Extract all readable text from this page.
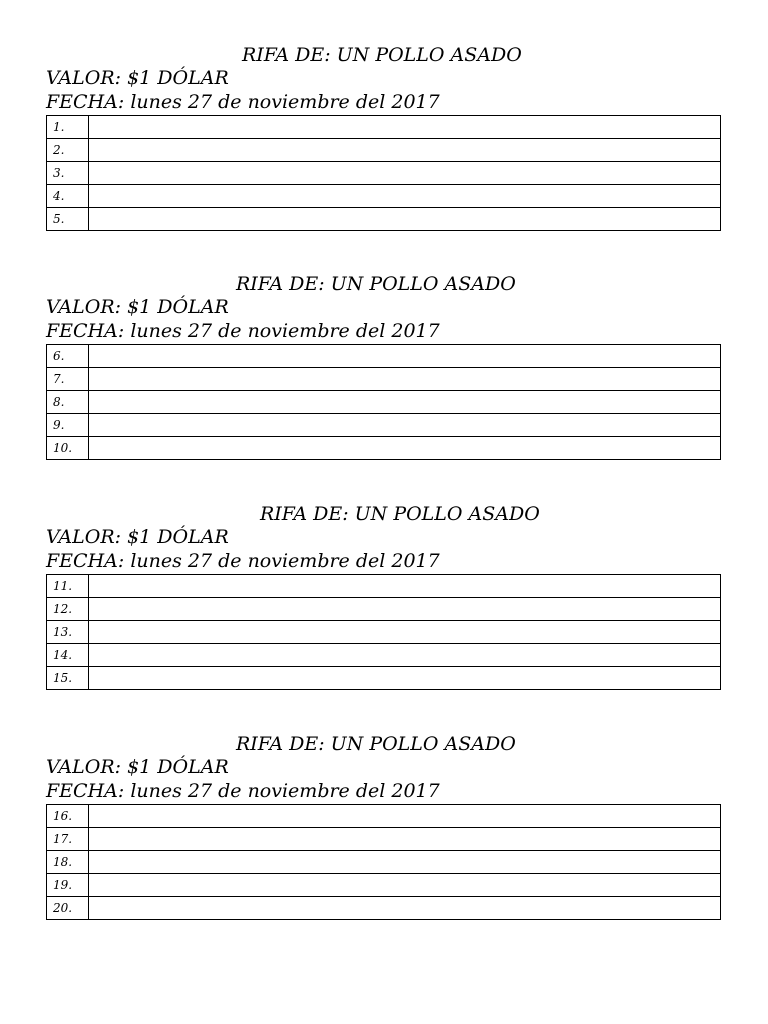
RIFA DE: UN POLLO ASADO
VALOR: $1 DÓLAR
FECHA: lunes 27 de noviembre del 2017
1.	
2.	
3.	
4.	
5.	
RIFA DE: UN POLLO ASADO
VALOR: $1 DÓLAR
FECHA: lunes 27 de noviembre del 2017
6.	
7.	
8.	
9.	
10.	
RIFA DE: UN POLLO ASADO
VALOR: $1 DÓLAR
FECHA: lunes 27 de noviembre del 2017
11.	
12.	
13.	
14.	
15.	
RIFA DE: UN POLLO ASADO
VALOR: $1 DÓLAR
FECHA: lunes 27 de noviembre del 2017
16.	
17.	
18.	
19.	
20.	
